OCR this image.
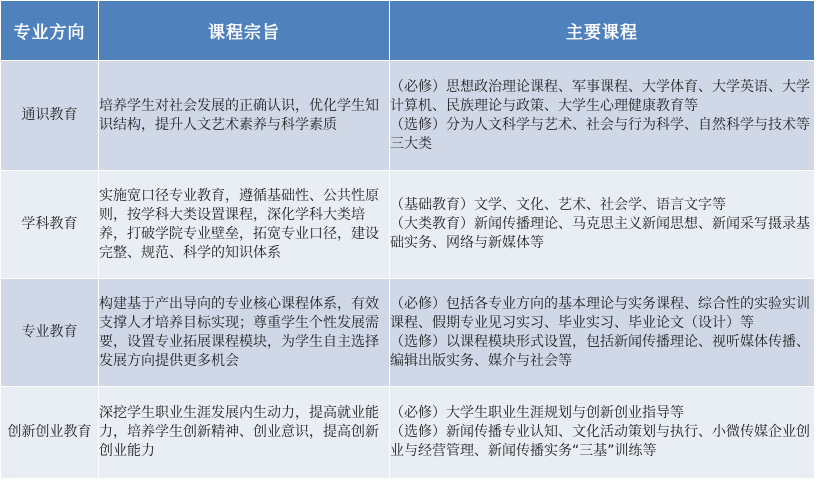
专业方向	课程宗旨	主要课程
通识教育	培养学生对社会发展的正确认识，优化学生知识结构，提升人文艺术素养与科学素质	（必修）思想政治理论课程、军事课程、大学体育、大学英语、大学计算机、民族理论与政策、大学生心理健康教育等
（选修）分为人文科学与艺术、社会与行为科学、自然科学与技术等三大类

学科教育	实施宽口径专业教育，遵循基础性、公共性原则，按学科大类设置课程，深化学科大类培养，打破学院专业壁垒，拓宽专业口径，建设完整、规范、科学的知识体系	（基础教育）文学、文化、艺术、社会学、语言文字等
（大类教育）新闻传播理论、马克思主义新闻思想、新闻采写摄录基础实务、网络与新媒体等

专业教育	构建基于产出导向的专业核心课程体系，有效支撑人才培养目标实现；尊重学生个性发展需要，设置专业拓展课程模块，为学生自主选择发展方向提供更多机会	（必修）包括各专业方向的基本理论与实务课程、综合性的实验实训课程、假期专业见习实习、毕业实习、毕业论文（设计）等
（选修）以课程模块形式设置，包括新闻传播理论、视听媒体传播、编辑出版实务、媒介与社会等

创新创业教育	深挖学生职业生涯发展内生动力，提高就业能力，培养学生创新精神、创业意识，提高创新创业能力	（必修）大学生职业生涯规划与创新创业指导等
（选修）新闻传播专业认知、文化活动策划与执行、小微传媒企业创业与经营管理、新闻传播实务“三基”训练等
